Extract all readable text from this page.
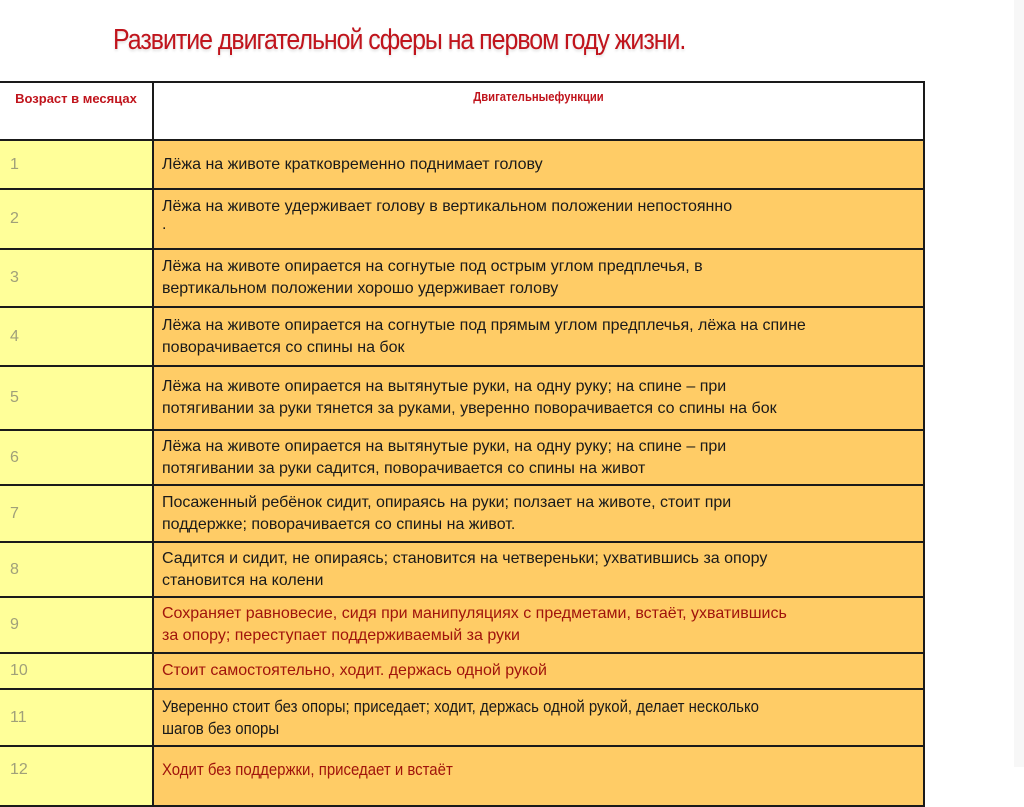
Развитие двигательной сферы на первом году жизни.
Возраст в месяцах	Двигательныефункции
1	Лёжа на животе кратковременно поднимает голову
2	Лёжа на животе удерживает голову в вертикальном положении непостоянно
.

3	Лёжа на животе опирается на согнутые под острым углом предплечья, в вертикальном положении хорошо удерживает голову
4	Лёжа на животе опирается на согнутые под прямым углом предплечья, лёжа на спине поворачивается со спины на бок
5	Лёжа на животе опирается на вытянутые руки, на одну руку; на спине – при потягивании за руки тянется за руками, уверенно поворачивается со спины на бок
6	Лёжа на животе опирается на вытянутые руки, на одну руку; на спине – при потягивании за руки садится, поворачивается со спины на живот
7	Посаженный ребёнок сидит, опираясь на руки; ползает на животе, стоит при поддержке; поворачивается со спины на живот.
8	Садится и сидит, не опираясь; становится на четвереньки; ухватившись за опору становится на колени
9	Сохраняет равновесие, сидя при манипуляциях с предметами, встаёт, ухватившись за опору; переступает поддерживаемый за руки
10	Стоит самостоятельно, ходит. держась одной рукой
11	Уверенно стоит без опоры; приседает; ходит, держась одной рукой, делает несколько
шагов без опоры
12	Ходит без поддержки, приседает и встаёт
